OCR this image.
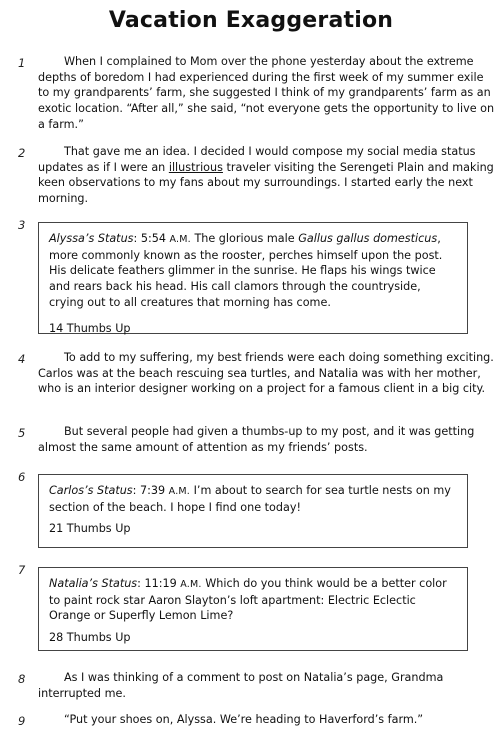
Vacation Exaggeration
1	When I complained to Mom over the phone yesterday about the extreme depths of boredom I had experienced during the first week of my summer exile to my grandparents’ farm, she suggested I think of my grandparents’ farm as an exotic location. “After all,” she said, “not everyone gets the opportunity to live on a farm.”

2	That gave me an idea. I decided I would compose my social media status updates as if I were an illustrious traveler visiting the Serengeti Plain and making keen observations to my fans about my surroundings. I started early the next morning.

3

Alyssa’s Status: 5:54 A.M. The glorious male Gallus gallus domesticus, more commonly known as the rooster, perches himself upon the post. His delicate feathers glimmer in the sunrise. He flaps his wings twice and rears back his head. His call clamors through the countryside, crying out to all creatures that morning has come.

14 Thumbs Up

4	To add to my suffering, my best friends were each doing something exciting. Carlos was at the beach rescuing sea turtles, and Natalia was with her mother, who is an interior designer working on a project for a famous client in a big city.

5	But several people had given a thumbs-up to my post, and it was getting almost the same amount of attention as my friends’ posts.

6

Carlos’s Status: 7:39 A.M. I’m about to search for sea turtle nests on my section of the beach. I hope I find one today!

21 Thumbs Up

7

Natalia’s Status: 11:19 A.M. Which do you think would be a better color to paint rock star Aaron Slayton’s loft apartment: Electric Eclectic Orange or Superfly Lemon Lime?

28 Thumbs Up

8	As I was thinking of a comment to post on Natalia’s page, Grandma interrupted me.

9	“Put your shoes on, Alyssa. We’re heading to Haverford’s farm.”
